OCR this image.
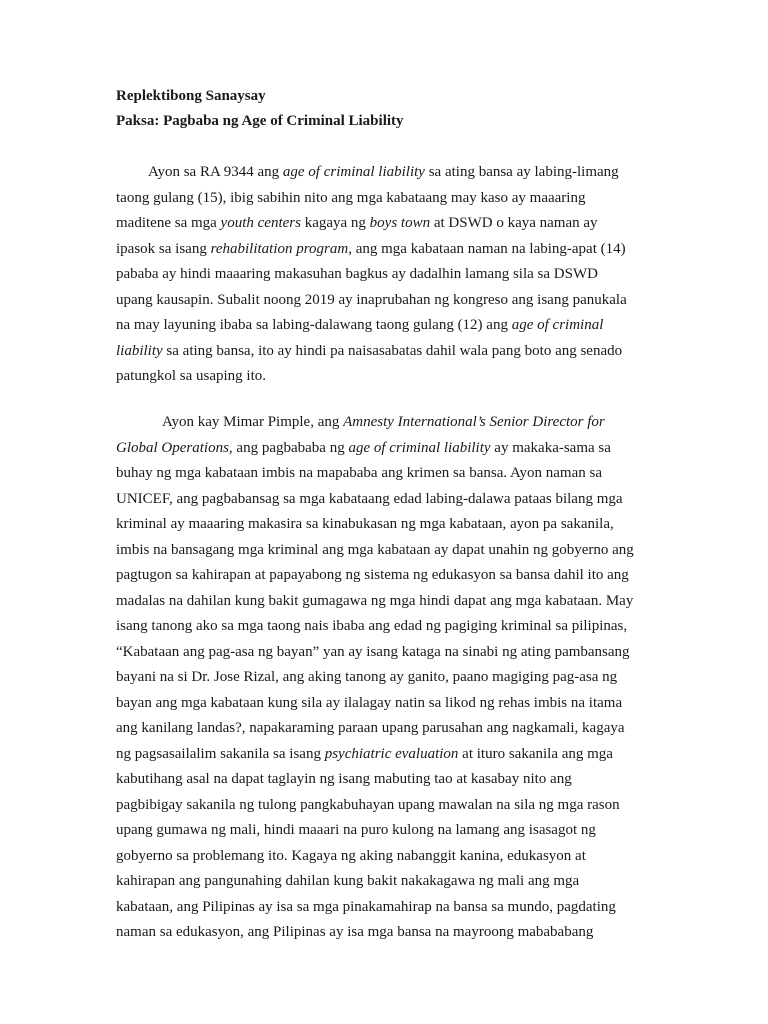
Replektibong Sanaysay
Paksa: Pagbaba ng Age of Criminal Liability
Ayon sa RA 9344 ang age of criminal liability sa ating bansa ay labing-limang
taong gulang (15), ibig sabihin nito ang mga kabataang may kaso ay maaaring
maditene sa mga youth centers kagaya ng boys town at DSWD o kaya naman ay
ipasok sa isang rehabilitation program, ang mga kabataan naman na labing-apat (14)
pababa ay hindi maaaring makasuhan bagkus ay dadalhin lamang sila sa DSWD
upang kausapin. Subalit noong 2019 ay inaprubahan ng kongreso ang isang panukala
na may layuning ibaba sa labing-dalawang taong gulang (12) ang age of criminal
liability sa ating bansa, ito ay hindi pa naisasabatas dahil wala pang boto ang senado
patungkol sa usaping ito.
Ayon kay Mimar Pimple, ang Amnesty International’s Senior Director for
Global Operations, ang pagbababa ng age of criminal liability ay makaka-sama sa
buhay ng mga kabataan imbis na mapababa ang krimen sa bansa. Ayon naman sa
UNICEF, ang pagbabansag sa mga kabataang edad labing-dalawa pataas bilang mga
kriminal ay maaaring makasira sa kinabukasan ng mga kabataan, ayon pa sakanila,
imbis na bansagang mga kriminal ang mga kabataan ay dapat unahin ng gobyerno ang
pagtugon sa kahirapan at papayabong ng sistema ng edukasyon sa bansa dahil ito ang
madalas na dahilan kung bakit gumagawa ng mga hindi dapat ang mga kabataan. May
isang tanong ako sa mga taong nais ibaba ang edad ng pagiging kriminal sa pilipinas,
“Kabataan ang pag-asa ng bayan” yan ay isang kataga na sinabi ng ating pambansang
bayani na si Dr. Jose Rizal, ang aking tanong ay ganito, paano magiging pag-asa ng
bayan ang mga kabataan kung sila ay ilalagay natin sa likod ng rehas imbis na itama
ang kanilang landas?, napakaraming paraan upang parusahan ang nagkamali, kagaya
ng pagsasailalim sakanila sa isang psychiatric evaluation at ituro sakanila ang mga
kabutihang asal na dapat taglayin ng isang mabuting tao at kasabay nito ang
pagbibigay sakanila ng tulong pangkabuhayan upang mawalan na sila ng mga rason
upang gumawa ng mali, hindi maaari na puro kulong na lamang ang isasagot ng
gobyerno sa problemang ito. Kagaya ng aking nabanggit kanina, edukasyon at
kahirapan ang pangunahing dahilan kung bakit nakakagawa ng mali ang mga
kabataan, ang Pilipinas ay isa sa mga pinakamahirap na bansa sa mundo, pagdating
naman sa edukasyon, ang Pilipinas ay isa mga bansa na mayroong mabababang
